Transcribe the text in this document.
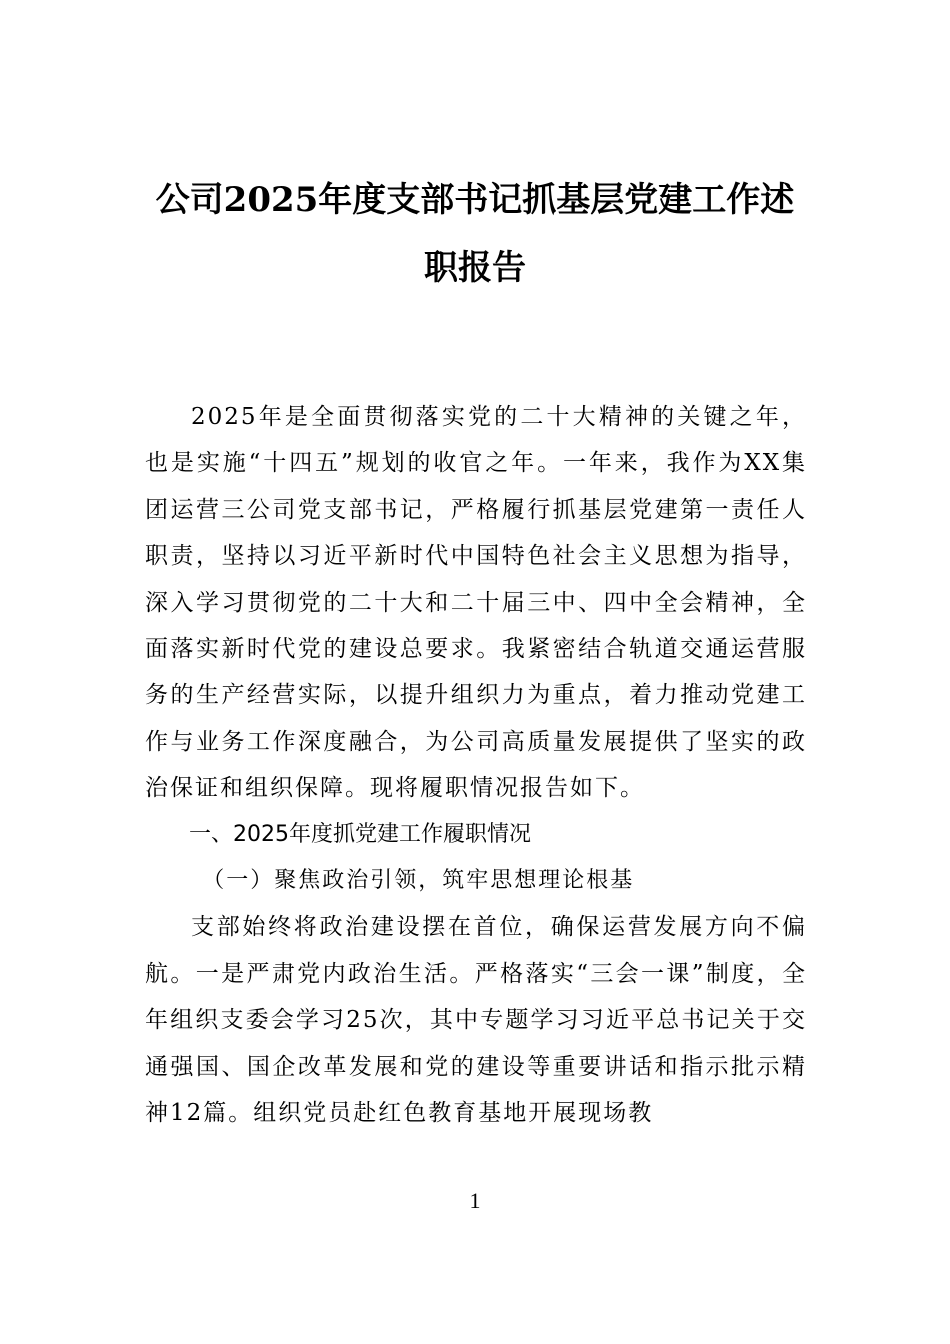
公司2025年度支部书记抓基层党建工作述
职报告

2025年是全面贯彻落实党的二十大精神的关键之年，也是实施“十四五”规划的收官之年。一年来，我作为XX集团运营三公司党支部书记，严格履行抓基层党建第一责任人职责，坚持以习近平新时代中国特色社会主义思想为指导，深入学习贯彻党的二十大和二十届三中、四中全会精神，全面落实新时代党的建设总要求。我紧密结合轨道交通运营服务的生产经营实际，以提升组织力为重点，着力推动党建工作与业务工作深度融合，为公司高质量发展提供了坚实的政治保证和组织保障。现将履职情况报告如下。

一、2025年度抓党建工作履职情况

（一）聚焦政治引领，筑牢思想理论根基

支部始终将政治建设摆在首位，确保运营发展方向不偏航。一是严肃党内政治生活。严格落实“三会一课”制度，全年组织支委会学习25次，其中专题学习习近平总书记关于交通强国、国企改革发展和党的建设等重要讲话和指示批示精神12篇。组织党员赴红色教育基地开展现场教

1
